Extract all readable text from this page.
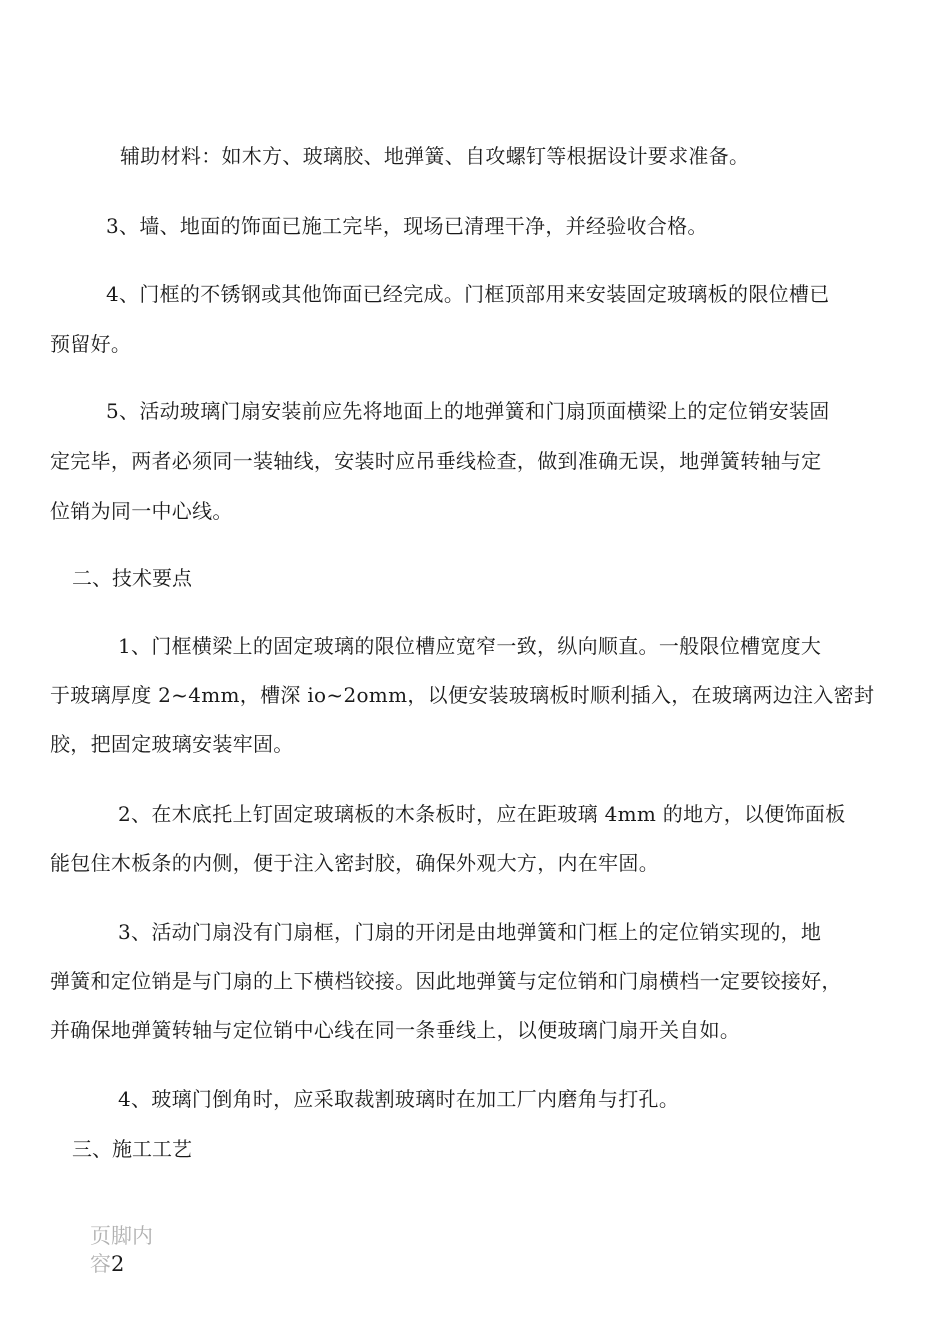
辅助材料：如木方、玻璃胶、地弹簧、自攻螺钉等根据设计要求准备。
3、墙、地面的饰面已施工完毕，现场已清理干净，并经验收合格。
4、门框的不锈钢或其他饰面已经完成。门框顶部用来安装固定玻璃板的限位槽已
预留好。
5、活动玻璃门扇安装前应先将地面上的地弹簧和门扇顶面横梁上的定位销安装固
定完毕，两者必须同一装轴线，安装时应吊垂线检查，做到准确无误，地弹簧转轴与定
位销为同一中心线。
二、技术要点
1、门框横梁上的固定玻璃的限位槽应宽窄一致，纵向顺直。一般限位槽宽度大
于玻璃厚度 2~4mm，槽深 io~2omm，以便安装玻璃板时顺利插入，在玻璃两边注入密封
胶，把固定玻璃安装牢固。
2、在木底托上钉固定玻璃板的木条板时，应在距玻璃 4mm 的地方，以便饰面板
能包住木板条的内侧，便于注入密封胶，确保外观大方，内在牢固。
3、活动门扇没有门扇框，门扇的开闭是由地弹簧和门框上的定位销实现的，地
弹簧和定位销是与门扇的上下横档铰接。因此地弹簧与定位销和门扇横档一定要铰接好，
并确保地弹簧转轴与定位销中心线在同一条垂线上，以便玻璃门扇开关自如。
4、玻璃门倒角时，应采取裁割玻璃时在加工厂内磨角与打孔。
三、施工工艺
页脚内容2
